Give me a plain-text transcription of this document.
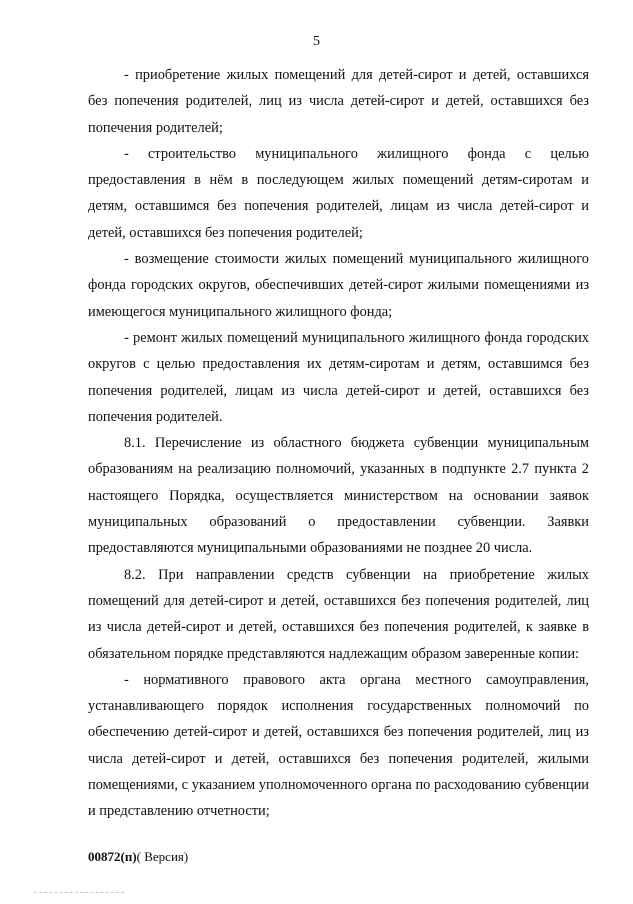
5

- приобретение жилых помещений для детей-сирот и детей, оставшихся без попечения родителей, лиц из числа детей-сирот и детей, оставшихся без попечения родителей;

- строительство муниципального жилищного фонда с целью предоставления в нём в последующем жилых помещений детям-сиротам и детям, оставшимся без попечения родителей, лицам из числа детей-сирот и детей, оставшихся без попечения родителей;

- возмещение стоимости жилых помещений муниципального жилищного фонда городских округов, обеспечивших детей-сирот жилыми помещениями из имеющегося муниципального жилищного фонда;

- ремонт жилых помещений муниципального жилищного фонда городских округов с целью предоставления их детям-сиротам и детям, оставшимся без попечения родителей, лицам из числа детей-сирот и детей, оставшихся без попечения родителей.

8.1. Перечисление из областного бюджета субвенции муниципальным образованиям на реализацию полномочий, указанных в подпункте 2.7 пункта 2 настоящего Порядка, осуществляется министерством на основании заявок муниципальных образований о предоставлении субвенции. Заявки предоставляются муниципальными образованиями не позднее 20 числа.

8.2. При направлении средств субвенции на приобретение жилых помещений для детей-сирот и детей, оставшихся без попечения родителей, лиц из числа детей-сирот и детей, оставшихся без попечения родителей, к заявке в обязательном порядке представляются надлежащим образом заверенные копии:

- нормативного правового акта органа местного самоуправления, устанавливающего порядок исполнения государственных полномочий по обеспечению детей-сирот и детей, оставшихся без попечения родителей, лиц из числа детей-сирот и детей, оставшихся без попечения родителей, жилыми помещениями, с указанием уполномоченного органа по расходованию субвенции и представлению отчетности;

00872(п)( Версия)
